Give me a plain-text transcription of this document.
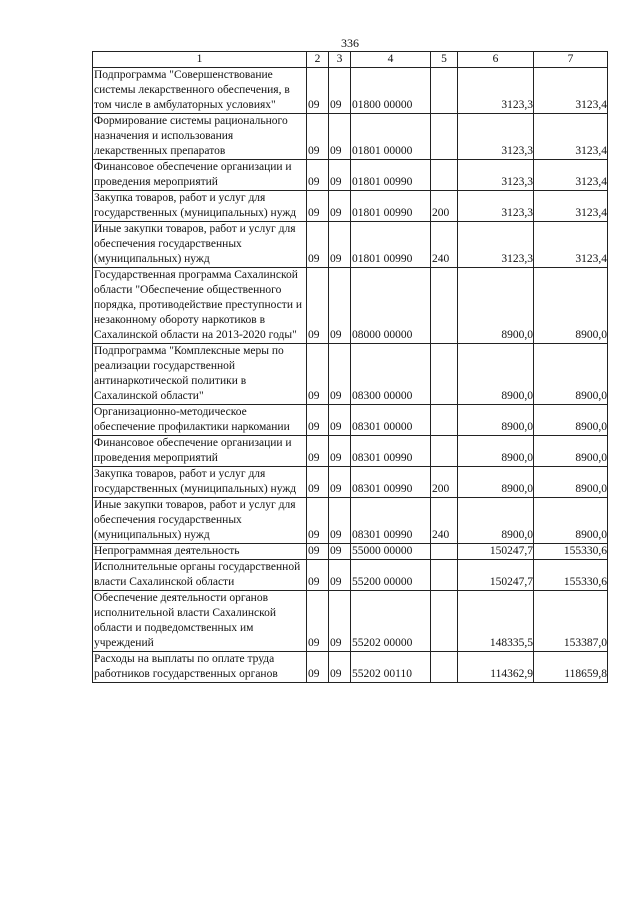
336
1	2	3	4	5	6	7
Подпрограмма "Совершенствование системы лекарственного обеспечения, в том числе в амбулаторных условиях"	09	09	01800 00000		3123,3	3123,4
Формирование системы рационального назначения и использования лекарственных препаратов	09	09	01801 00000		3123,3	3123,4
Финансовое обеспечение организации и проведения мероприятий	09	09	01801 00990		3123,3	3123,4
Закупка товаров, работ и услуг для государственных (муниципальных) нужд	09	09	01801 00990	200	3123,3	3123,4
Иные закупки товаров, работ и услуг для обеспечения государственных (муниципальных) нужд	09	09	01801 00990	240	3123,3	3123,4
Государственная программа Сахалинской области "Обеспечение общественного порядка, противодействие преступности и незаконному обороту наркотиков в Сахалинской области на 2013-2020 годы"	09	09	08000 00000		8900,0	8900,0
Подпрограмма "Комплексные меры по реализации государственной антинаркотической политики в Сахалинской области"	09	09	08300 00000		8900,0	8900,0
Организационно-методическое обеспечение профилактики наркомании	09	09	08301 00000		8900,0	8900,0
Финансовое обеспечение организации и проведения мероприятий	09	09	08301 00990		8900,0	8900,0
Закупка товаров, работ и услуг для государственных (муниципальных) нужд	09	09	08301 00990	200	8900,0	8900,0
Иные закупки товаров, работ и услуг для обеспечения государственных (муниципальных) нужд	09	09	08301 00990	240	8900,0	8900,0
Непрограммная деятельность	09	09	55000 00000		150247,7	155330,6
Исполнительные органы государственной власти Сахалинской области	09	09	55200 00000		150247,7	155330,6
Обеспечение деятельности органов исполнительной власти Сахалинской области и подведомственных им учреждений	09	09	55202 00000		148335,5	153387,0
Расходы на выплаты по оплате труда работников государственных органов	09	09	55202 00110		114362,9	118659,8
